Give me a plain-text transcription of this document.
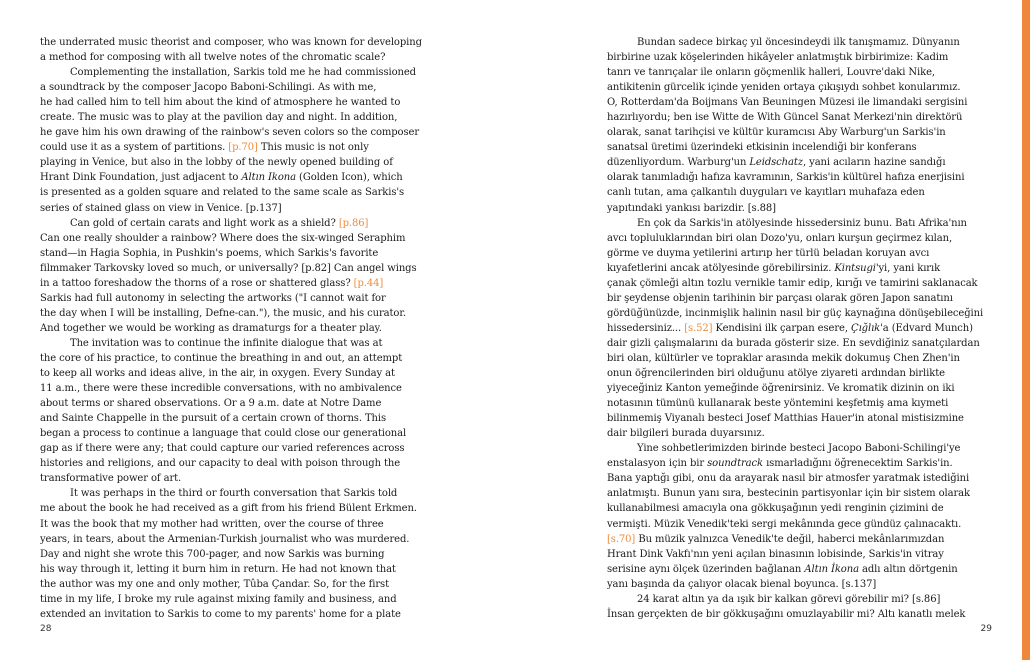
the underrated music theorist and composer, who was known for developing
a method for composing with all twelve notes of the chromatic scale?
Complementing the installation, Sarkis told me he had commissioned
a soundtrack by the composer Jacopo Baboni-Schilingi. As with me,
he had called him to tell him about the kind of atmosphere he wanted to
create. The music was to play at the pavilion day and night. In addition,
he gave him his own drawing of the rainbow's seven colors so the composer
could use it as a system of partitions. [p.70] This music is not only
playing in Venice, but also in the lobby of the newly opened building of
Hrant Dink Foundation, just adjacent to Altın Ikona (Golden Icon), which
is presented as a golden square and related to the same scale as Sarkis's
series of stained glass on view in Venice. [p.137]
Can gold of certain carats and light work as a shield? [p.86]
Can one really shoulder a rainbow? Where does the six-winged Seraphim
stand—in Hagia Sophia, in Pushkin's poems, which Sarkis's favorite
filmmaker Tarkovsky loved so much, or universally? [p.82] Can angel wings
in a tattoo foreshadow the thorns of a rose or shattered glass? [p.44]
Sarkis had full autonomy in selecting the artworks ("I cannot wait for
the day when I will be installing, Defne-can."), the music, and his curator.
And together we would be working as dramaturgs for a theater play.
The invitation was to continue the infinite dialogue that was at
the core of his practice, to continue the breathing in and out, an attempt
to keep all works and ideas alive, in the air, in oxygen. Every Sunday at
11 a.m., there were these incredible conversations, with no ambivalence
about terms or shared observations. Or a 9 a.m. date at Notre Dame
and Sainte Chappelle in the pursuit of a certain crown of thorns. This
began a process to continue a language that could close our generational
gap as if there were any; that could capture our varied references across
histories and religions, and our capacity to deal with poison through the
transformative power of art.
It was perhaps in the third or fourth conversation that Sarkis told
me about the book he had received as a gift from his friend Bülent Erkmen.
It was the book that my mother had written, over the course of three
years, in tears, about the Armenian-Turkish journalist who was murdered.
Day and night she wrote this 700-pager, and now Sarkis was burning
his way through it, letting it burn him in return. He had not known that
the author was my one and only mother, Tûba Çandar. So, for the first
time in my life, I broke my rule against mixing family and business, and
extended an invitation to Sarkis to come to my parents' home for a plate
28
Bundan sadece birkaç yıl öncesindeydi ilk tanışmamız. Dünyanın
birbirine uzak köşelerinden hikâyeler anlatmıştık birbirimize: Kadim
tanrı ve tanrıçalar ile onların göçmenlik halleri, Louvre'daki Nike,
antikitenin gürcelik içinde yeniden ortaya çıkışıydı sohbet konularımız.
O, Rotterdam'da Boijmans Van Beuningen Müzesi ile limandaki sergisini
hazırlıyordu; ben ise Witte de With Güncel Sanat Merkezi'nin direktörü
olarak, sanat tarihçisi ve kültür kuramcısı Aby Warburg'un Sarkis'in
sanatsal üretimi üzerindeki etkisinin incelendiği bir konferans
düzenliyordum. Warburg'un Leidschatz, yani acıların hazine sandığı
olarak tanımladığı hafıza kavramının, Sarkis'in kültürel hafıza enerjisini
canlı tutan, ama çalkantılı duyguları ve kayıtları muhafaza eden
yapıtındaki yankısı barizdir. [s.88]
En çok da Sarkis'in atölyesinde hissedersiniz bunu. Batı Afrika'nın
avcı topluluklarından biri olan Dozo'yu, onları kurşun geçirmez kılan,
görme ve duyma yetilerini artırıp her türlü beladan koruyan avcı
kıyafetlerini ancak atölyesinde görebilirsiniz. Kintsugi'yi, yani kırık
çanak çömleği altın tozlu vernikle tamir edip, kırığı ve tamirini saklanacak
bir şeydense objenin tarihinin bir parçası olarak gören Japon sanatını
gördüğünüzde, incinmişlik halinin nasıl bir güç kaynağına dönüşebileceğini
hissedersiniz... [s.52] Kendisini ilk çarpan esere, Çığlık'a (Edvard Munch)
dair gizli çalışmalarını da burada gösterir size. En sevdiğiniz sanatçılardan
biri olan, kültürler ve topraklar arasında mekik dokumuş Chen Zhen'in
onun öğrencilerinden biri olduğunu atölye ziyareti ardından birlikte
yiyeceğiniz Kanton yemeğinde öğrenirsiniz. Ve kromatik dizinin on iki
notasının tümünü kullanarak beste yöntemini keşfetmiş ama kıymeti
bilinmemiş Viyanalı besteci Josef Matthias Hauer'in atonal mistisizmine
dair bilgileri burada duyarsınız.
Yine sohbetlerimizden birinde besteci Jacopo Baboni-Schilingi'ye
enstalasyon için bir soundtrack ısmarladığını öğrenecektim Sarkis'in.
Bana yaptığı gibi, onu da arayarak nasıl bir atmosfer yaratmak istediğini
anlatmıştı. Bunun yanı sıra, bestecinin partisyonlar için bir sistem olarak
kullanabilmesi amacıyla ona gökkuşağının yedi renginin çizimini de
vermişti. Müzik Venedik'teki sergi mekânında gece gündüz çalınacaktı.
[s.70] Bu müzik yalnızca Venedik'te değil, haberci mekânlarımızdan
Hrant Dink Vakfı'nın yeni açılan binasının lobisinde, Sarkis'in vitray
serisine aynı ölçek üzerinden bağlanan Altın İkona adlı altın dörtgenin
yanı başında da çalıyor olacak bienal boyunca. [s.137]
24 karat altın ya da ışık bir kalkan görevi görebilir mi? [s.86]
İnsan gerçekten de bir gökkuşağını omuzlayabilir mi? Altı kanatlı melek
29
